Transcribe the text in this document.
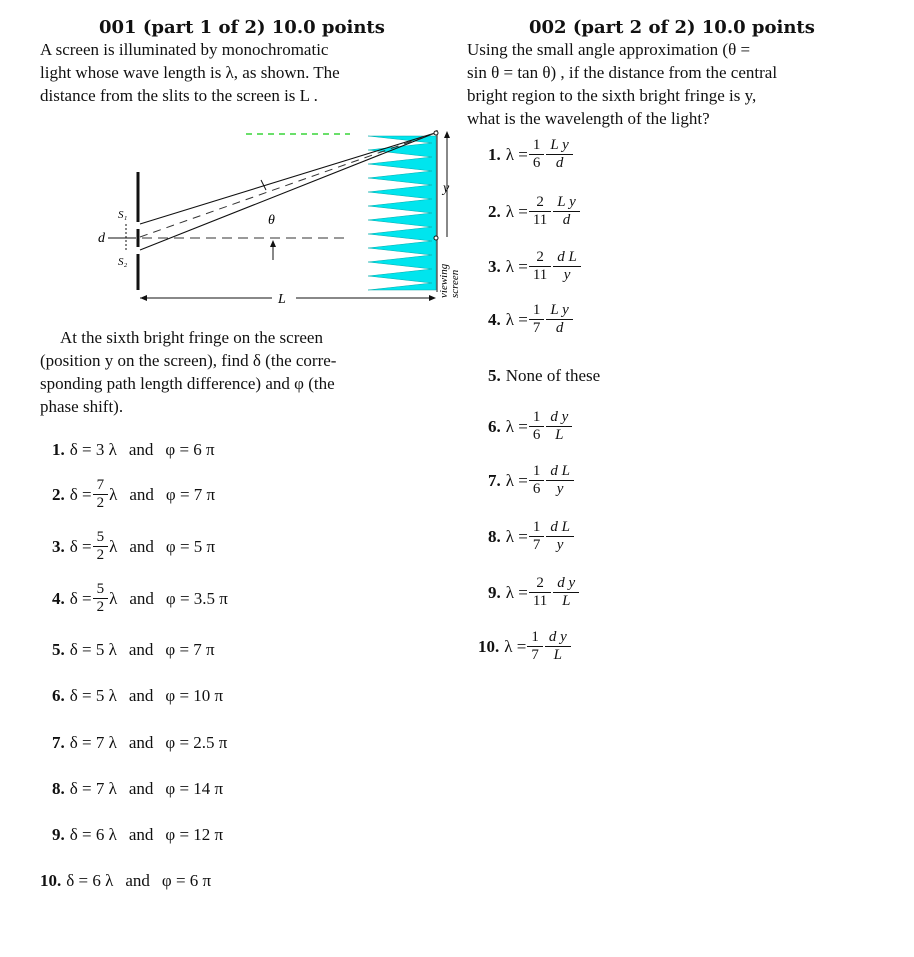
001 (part 1 of 2) 10.0 points
A screen is illuminated by monochromatic
light whose wave length is λ, as shown. The
distance from the slits to the screen is L .
θ
S₁
S₂
d
y
viewing screen
L
At the sixth bright fringe on the screen
(position y on the screen), find δ (the corre-
sponding path length difference) and φ (the
phase shift).
1. δ = 3 λ and φ = 6 π
2. $\delta = \frac{7}{2}$ λ and φ = 7 π
3. $\delta = \frac{5}{2}$ λ and φ = 5 π
4. $\delta = \frac{5}{2}$ λ and φ = 3.5 π
5. δ = 5 λ and φ = 7 π
6. δ = 5 λ and φ = 10 π
7. δ = 7 λ and φ = 2.5 π
8. δ = 7 λ and φ = 14 π
9. δ = 6 λ and φ = 12 π
10. δ = 6 λ and φ = 6 π
002 (part 2 of 2) 10.0 points
Using the small angle approximation (θ =
sin θ = tan θ) , if the distance from the central
bright region to the sixth bright fringe is y,
what is the wavelength of the light?
1. $\lambda = \frac{1}{6} \frac{\text{L y}}{d}$
2. $\lambda = \frac{2}{11} \frac{\text{L y}}{d}$
3. $\lambda = \frac{2}{11} \frac{\text{d L}}{y}$
4. $\lambda = \frac{1}{7} \frac{\text{L y}}{d}$
5. None of these
6. $\lambda = \frac{1}{6} \frac{\text{d y}}{L}$
7. $\lambda = \frac{1}{6} \frac{\text{d L}}{y}$
8. $\lambda = \frac{1}{7} \frac{\text{d L}}{y}$
9. $\lambda = \frac{2}{11} \frac{\text{d y}}{L}$
10. $\lambda = \frac{1}{7} \frac{\text{d y}}{L}$
